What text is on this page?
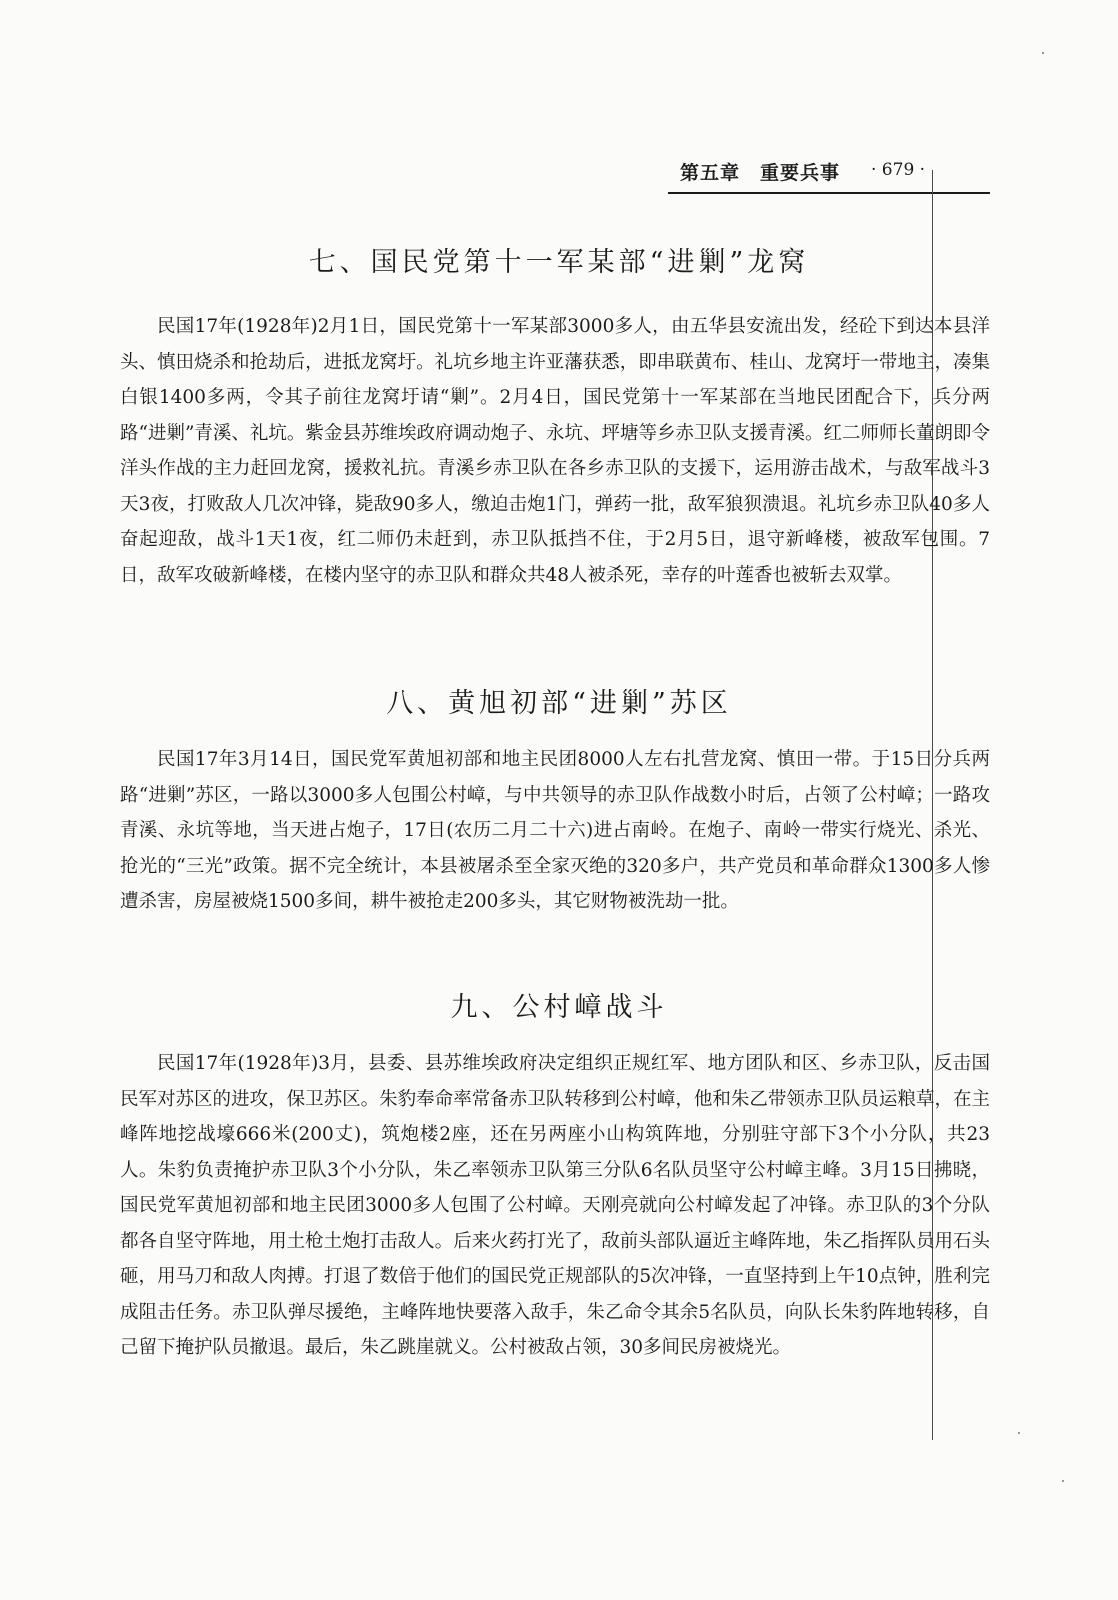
第五章 重要兵事 · 679 ·
七、国民党第十一军某部“进剿”龙窝

民国17年(1928年)2月1日，国民党第十一军某部3000多人，由五华县安流出发，经砼下到达本县洋头、慎田烧杀和抢劫后，进抵龙窝圩。礼坑乡地主许亚藩获悉，即串联黄布、桂山、龙窝圩一带地主，凑集白银1400多两，令其子前往龙窝圩请“剿”。2月4日，国民党第十一军某部在当地民团配合下，兵分两路“进剿”青溪、礼坑。紫金县苏维埃政府调动炮子、永坑、坪塘等乡赤卫队支援青溪。红二师师长董朗即令洋头作战的主力赶回龙窝，援救礼抗。青溪乡赤卫队在各乡赤卫队的支援下，运用游击战术，与敌军战斗3天3夜，打败敌人几次冲锋，毙敌90多人，缴迫击炮1门，弹药一批，敌军狼狈溃退。礼坑乡赤卫队40多人奋起迎敌，战斗1天1夜，红二师仍未赶到，赤卫队抵挡不住，于2月5日，退守新峰楼，被敌军包围。7日，敌军攻破新峰楼，在楼内坚守的赤卫队和群众共48人被杀死，幸存的叶莲香也被斩去双掌。

八、黄旭初部“进剿”苏区

民国17年3月14日，国民党军黄旭初部和地主民团8000人左右扎营龙窝、慎田一带。于15日分兵两路“进剿”苏区，一路以3000多人包围公村嶂，与中共领导的赤卫队作战数小时后，占领了公村嶂；一路攻青溪、永坑等地，当天进占炮子，17日(农历二月二十六)进占南岭。在炮子、南岭一带实行烧光、杀光、抢光的“三光”政策。据不完全统计，本县被屠杀至全家灭绝的320多户，共产党员和革命群众1300多人惨遭杀害，房屋被烧1500多间，耕牛被抢走200多头，其它财物被洗劫一批。

九、公村嶂战斗

民国17年(1928年)3月，县委、县苏维埃政府决定组织正规红军、地方团队和区、乡赤卫队，反击国民军对苏区的进攻，保卫苏区。朱豹奉命率常备赤卫队转移到公村嶂，他和朱乙带领赤卫队员运粮草，在主峰阵地挖战壕666米(200丈)，筑炮楼2座，还在另两座小山构筑阵地，分别驻守部下3个小分队，共23人。朱豹负责掩护赤卫队3个小分队，朱乙率领赤卫队第三分队6名队员坚守公村嶂主峰。3月15日拂晓，国民党军黄旭初部和地主民团3000多人包围了公村嶂。天刚亮就向公村嶂发起了冲锋。赤卫队的3个分队都各自坚守阵地，用土枪土炮打击敌人。后来火药打光了，敌前头部队逼近主峰阵地，朱乙指挥队员用石头砸，用马刀和敌人肉搏。打退了数倍于他们的国民党正规部队的5次冲锋，一直坚持到上午10点钟，胜利完成阻击任务。赤卫队弹尽援绝，主峰阵地快要落入敌手，朱乙命令其余5名队员，向队长朱豹阵地转移，自己留下掩护队员撤退。最后，朱乙跳崖就义。公村被敌占领，30多间民房被烧光。
